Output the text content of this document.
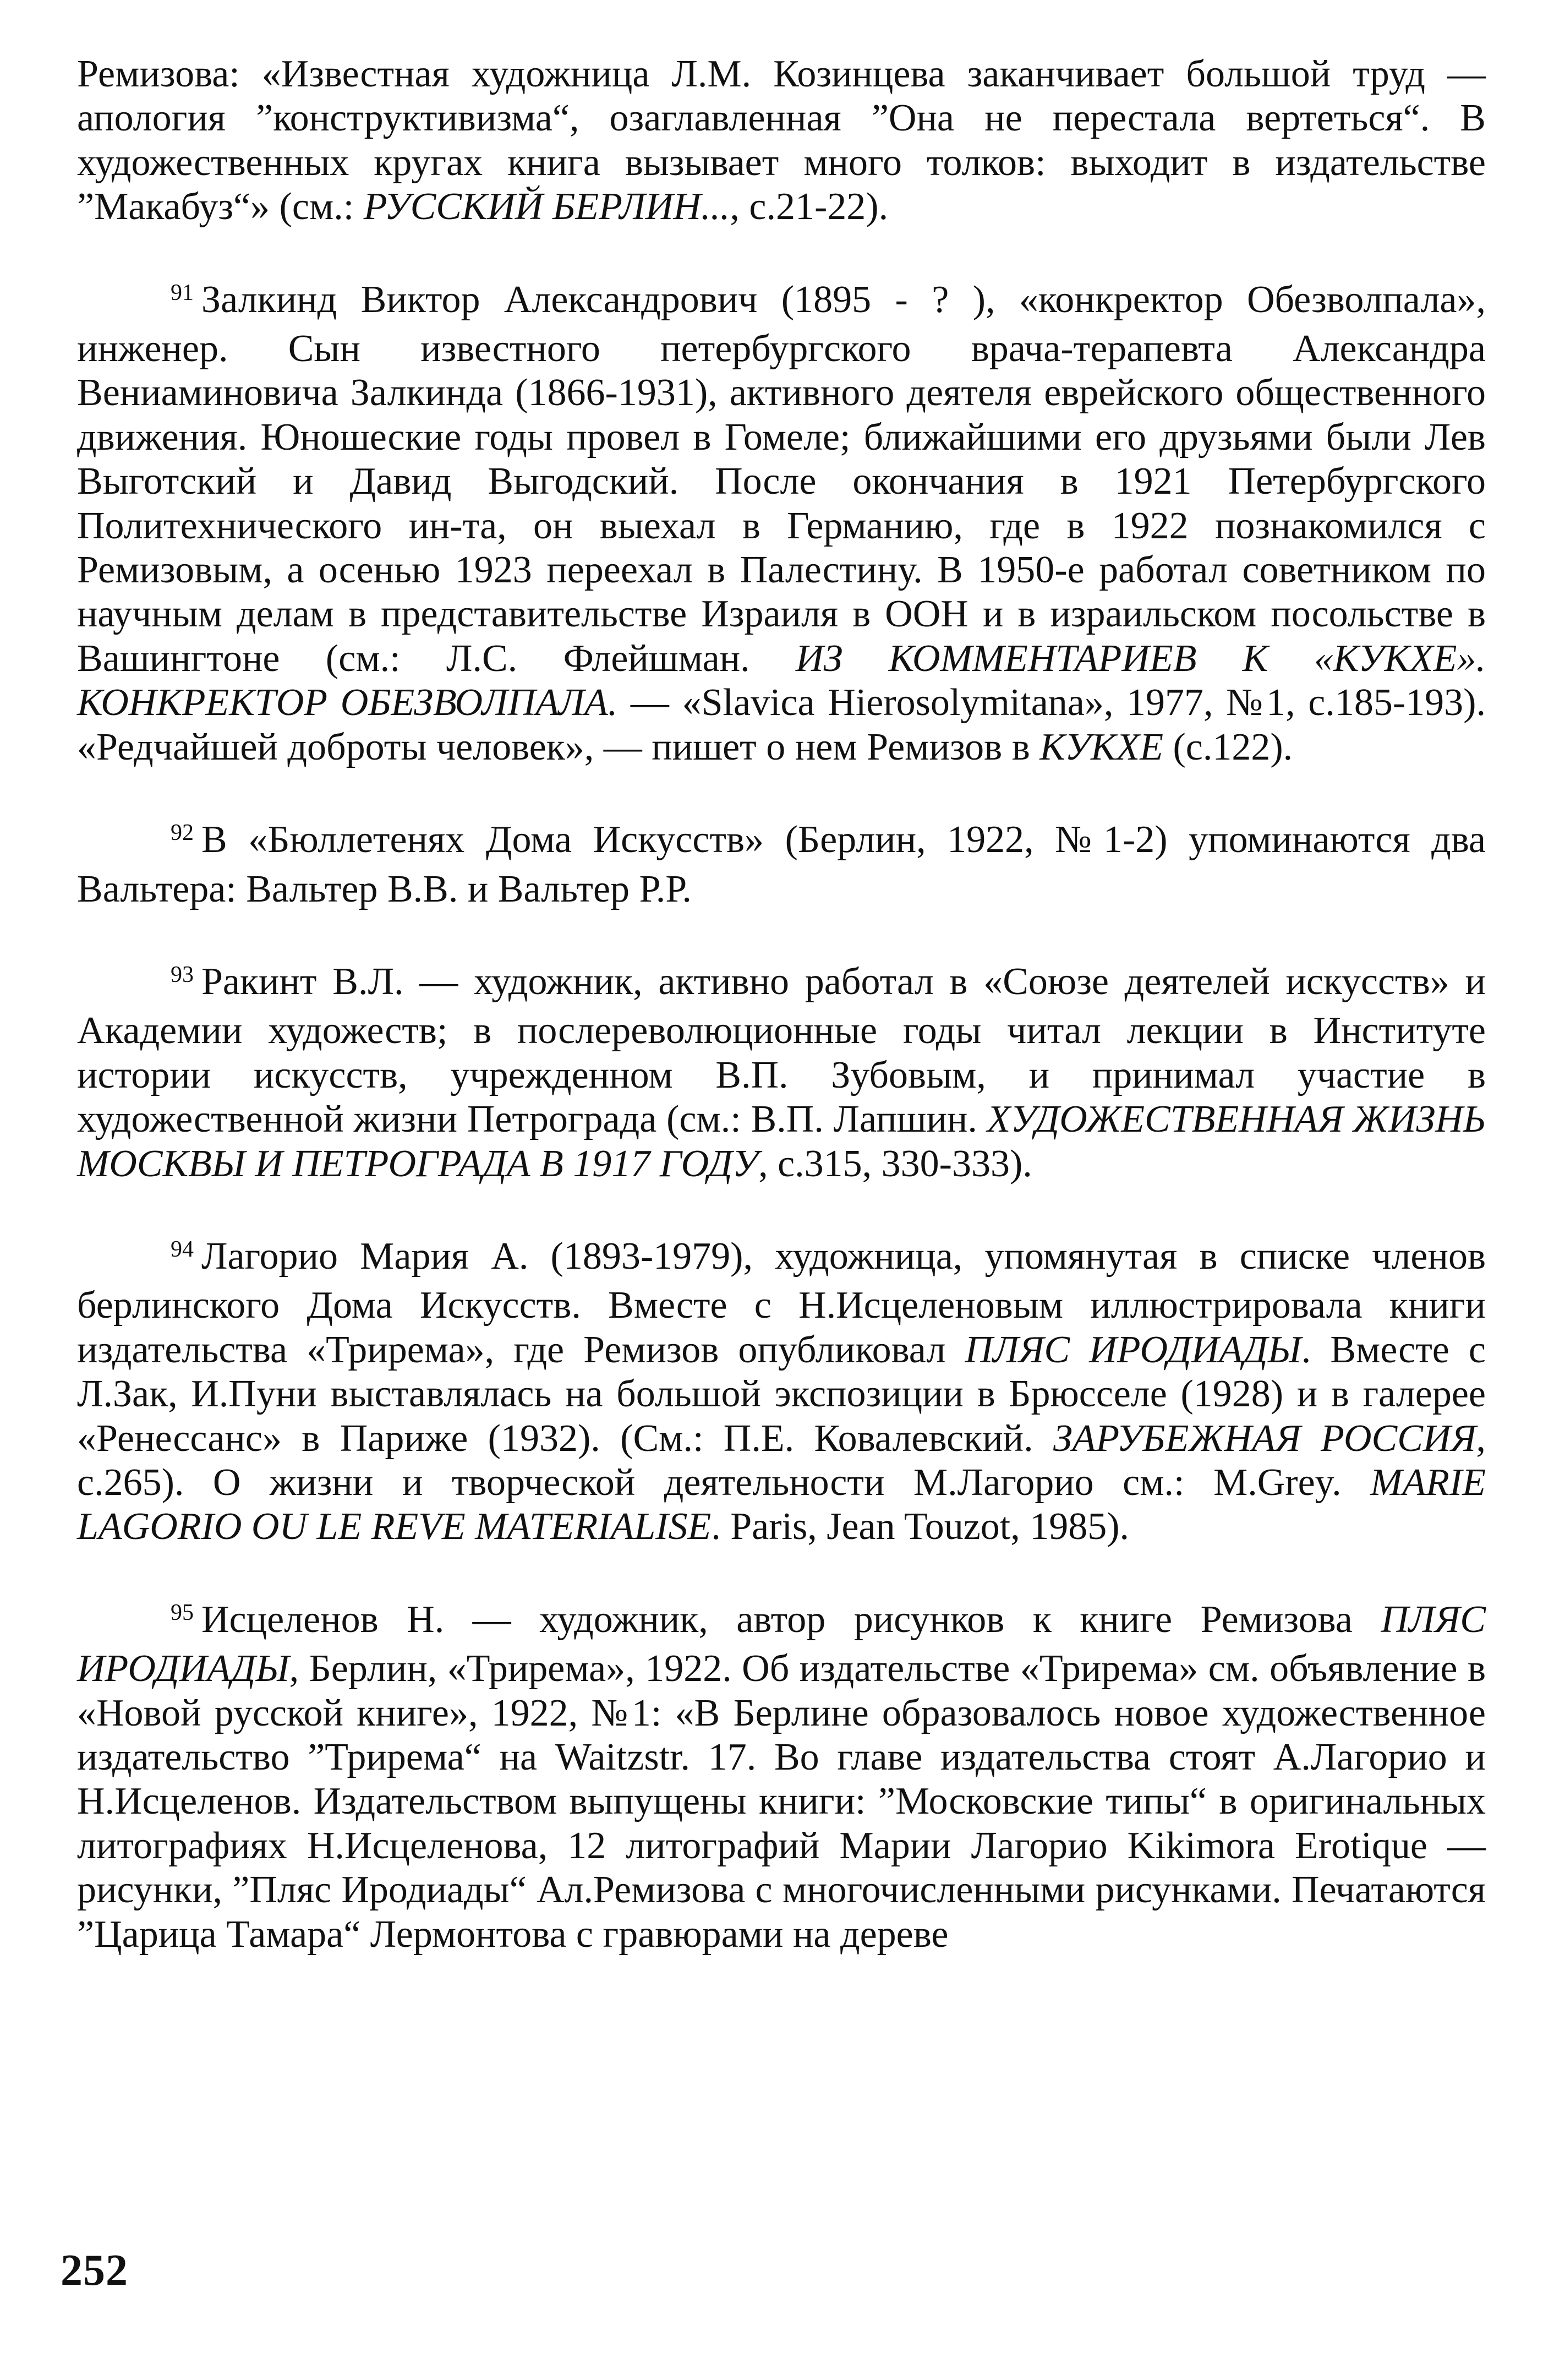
Ремизова: «Известная художница Л.М. Козинцева заканчивает большой труд — апология ”конструктивизма“, озаглавленная ”Она не перестала вертеться“. В художественных кругах книга вызывает много толков: выходит в издательстве ”Макабуз“» (см.: РУССКИЙ БЕРЛИН..., с.21-22).

$^{91}$ Залкинд Виктор Александрович (1895 - ? ), «конкректор Обезволпала», инженер. Сын известного петербургского врача-терапевта Александра Вениаминовича Залкинда (1866-1931), активного деятеля еврейского общественного движения. Юношеские годы провел в Гомеле; ближайшими его друзьями были Лев Выготский и Давид Выгодский. После окончания в 1921 Петербургского Политехнического ин-та, он выехал в Германию, где в 1922 познакомился с Ремизовым, а осенью 1923 переехал в Палестину. В 1950-е работал советником по научным делам в представительстве Израиля в ООН и в израильском посольстве в Вашингтоне (см.: Л.С. Флейшман. ИЗ КОММЕНТАРИЕВ К «КУКХЕ». КОНКРЕКТОР ОБЕЗВОЛПАЛА. — «Slavica Hierosolymitana», 1977, №1, с.185-193). «Редчайшей доброты человек», — пишет о нем Ремизов в КУКХЕ (с.122).

$^{92}$ В «Бюллетенях Дома Искусств» (Берлин, 1922, №1-2) упоминаются два Вальтера: Вальтер В.В. и Вальтер Р.Р.

$^{93}$ Ракинт В.Л. — художник, активно работал в «Союзе деятелей искусств» и Академии художеств; в послереволюционные годы читал лекции в Институте истории искусств, учрежденном В.П. Зубовым, и принимал участие в художественной жизни Петрограда (см.: В.П. Лапшин. ХУДОЖЕСТВЕННАЯ ЖИЗНЬ МОСКВЫ И ПЕТРОГРАДА В 1917 ГОДУ, с.315, 330-333).

$^{94}$ Лагорио Мария А. (1893-1979), художница, упомянутая в списке членов берлинского Дома Искусств. Вместе с Н.Исцеленовым иллюстрировала книги издательства «Трирема», где Ремизов опубликовал ПЛЯС ИРОДИАДЫ. Вместе с Л.Зак, И.Пуни выставлялась на большой экспозиции в Брюсселе (1928) и в галерее «Ренессанс» в Париже (1932). (См.: П.Е. Ковалевский. ЗАРУБЕЖНАЯ РОССИЯ, с.265). О жизни и творческой деятельности М.Лагорио см.: M.Grey. MARIE LAGORIO OU LE REVE MATERIALISE. Paris, Jean Touzot, 1985).

$^{95}$ Исцеленов Н. — художник, автор рисунков к книге Ремизова ПЛЯС ИРОДИАДЫ, Берлин, «Трирема», 1922. Об издательстве «Трирема» см. объявление в «Новой русской книге», 1922, №1: «В Берлине образовалось новое художественное издательство ”Трирема“ на Waitzstr. 17. Во главе издательства стоят А.Лагорио и Н.Исцеленов. Издательством выпущены книги: ”Московские типы“ в оригинальных литографиях Н.Исцеленова, 12 литографий Марии Лагорио Kikimora Erotique — рисунки, ”Пляс Иродиады“ Ал.Ремизова с многочисленными рисунками. Печатаются ”Царица Тамара“ Лермонтова с гравюрами на дереве

252
